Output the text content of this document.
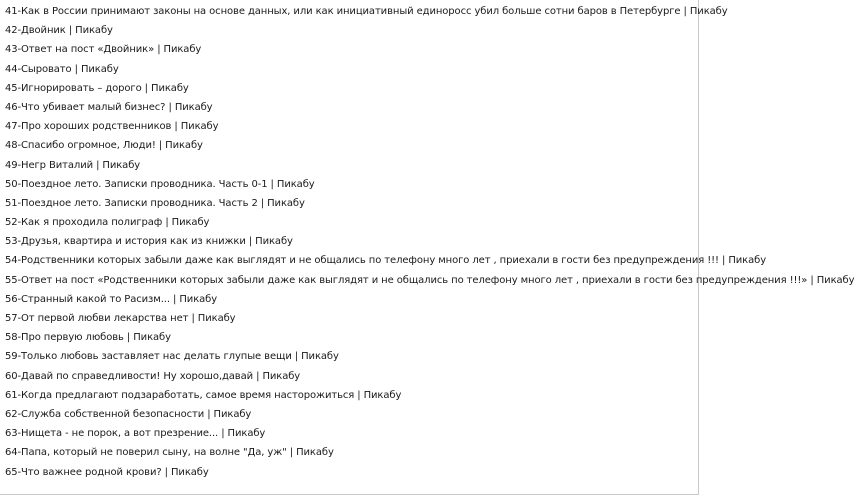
41-Как в России принимают законы на основе данных, или как инициативный единоросс убил больше сотни баров в Петербурге | Пикабу
42-Двойник | Пикабу
43-Ответ на пост «Двойник» | Пикабу
44-Сыровато | Пикабу
45-Игнорировать – дорого | Пикабу
46-Что убивает малый бизнес? | Пикабу
47-Про хороших родственников | Пикабу
48-Спасибо огромное, Люди! | Пикабу
49-Негр Виталий | Пикабу
50-Поездное лето. Записки проводника. Часть 0-1 | Пикабу
51-Поездное лето. Записки проводника. Часть 2 | Пикабу
52-Как я проходила полиграф | Пикабу
53-Друзья, квартира и история как из книжки | Пикабу
54-Родственники которых забыли даже как выглядят и не общались по телефону много лет , приехали в гости без предупреждения !!! | Пикабу
55-Ответ на пост «Родственники которых забыли даже как выглядят и не общались по телефону много лет , приехали в гости без предупреждения !!!» | Пикабу
56-Странный какой то Расизм... | Пикабу
57-От первой любви лекарства нет | Пикабу
58-Про первую любовь | Пикабу
59-Только любовь заставляет нас делать глупые вещи | Пикабу
60-Давай по справедливости! Ну хорошо,давай | Пикабу
61-Когда предлагают подзаработать, самое время насторожиться | Пикабу
62-Служба собственной безопасности | Пикабу
63-Нищета - не порок, а вот презрение... | Пикабу
64-Папа, который не поверил сыну, на волне "Да, уж" | Пикабу
65-Что важнее родной крови? | Пикабу
